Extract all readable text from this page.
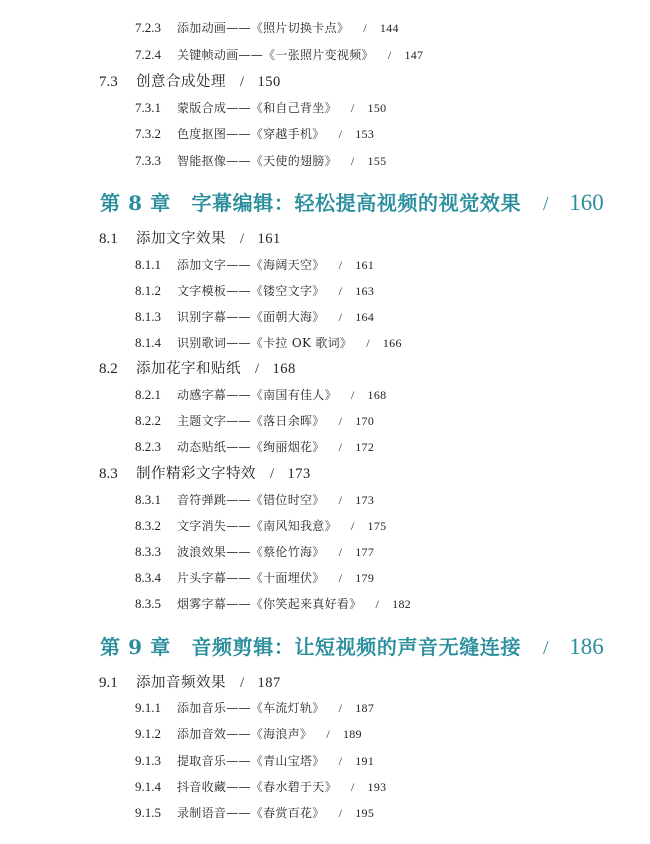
7.2.3 添加动画——《照片切换卡点》 / 144
7.2.4 关键帧动画——《一张照片变视频》 / 147
7.3 创意合成处理 / 150
7.3.1 蒙版合成——《和自己背坐》 / 150
7.3.2 色度抠图——《穿越手机》 / 153
7.3.3 智能抠像——《天使的翅膀》 / 155
第 8 章　字幕编辑：轻松提高视频的视觉效果 / 160
8.1 添加文字效果 / 161
8.1.1 添加文字——《海阔天空》 / 161
8.1.2 文字模板——《镂空文字》 / 163
8.1.3 识别字幕——《面朝大海》 / 164
8.1.4 识别歌词——《卡拉 OK 歌词》 / 166
8.2 添加花字和贴纸 / 168
8.2.1 动感字幕——《南国有佳人》 / 168
8.2.2 主题文字——《落日余晖》 / 170
8.2.3 动态贴纸——《绚丽烟花》 / 172
8.3 制作精彩文字特效 / 173
8.3.1 音符弹跳——《错位时空》 / 173
8.3.2 文字消失——《南风知我意》 / 175
8.3.3 波浪效果——《蔡伦竹海》 / 177
8.3.4 片头字幕——《十面埋伏》 / 179
8.3.5 烟雾字幕——《你笑起来真好看》 / 182
第 9 章　音频剪辑：让短视频的声音无缝连接 / 186
9.1 添加音频效果 / 187
9.1.1 添加音乐——《车流灯轨》 / 187
9.1.2 添加音效——《海浪声》 / 189
9.1.3 提取音乐——《青山宝塔》 / 191
9.1.4 抖音收藏——《春水碧于天》 / 193
9.1.5 录制语音——《春赏百花》 / 195
